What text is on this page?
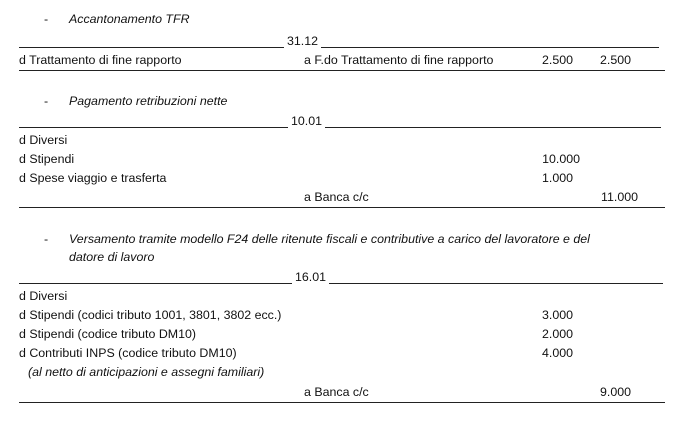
- Accantonamento TFR
31.12
d Trattamento di fine rapporto	a F.do Trattamento di fine rapporto	2.500	2.500
- Pagamento retribuzioni nette
10.01
d Diversi
d Stipendi	10.000
d Spese viaggio e trasferta	1.000
a Banca c/c	11.000
- Versamento tramite modello F24 delle ritenute fiscali e contributive a carico del lavoratore e del
datore di lavoro
16.01
d Diversi
d Stipendi (codici tributo 1001, 3801, 3802 ecc.)	3.000
d Stipendi (codice tributo DM10)	2.000
d Contributi INPS (codice tributo DM10)	4.000
(al netto di anticipazioni e assegni familiari)
a Banca c/c	9.000
